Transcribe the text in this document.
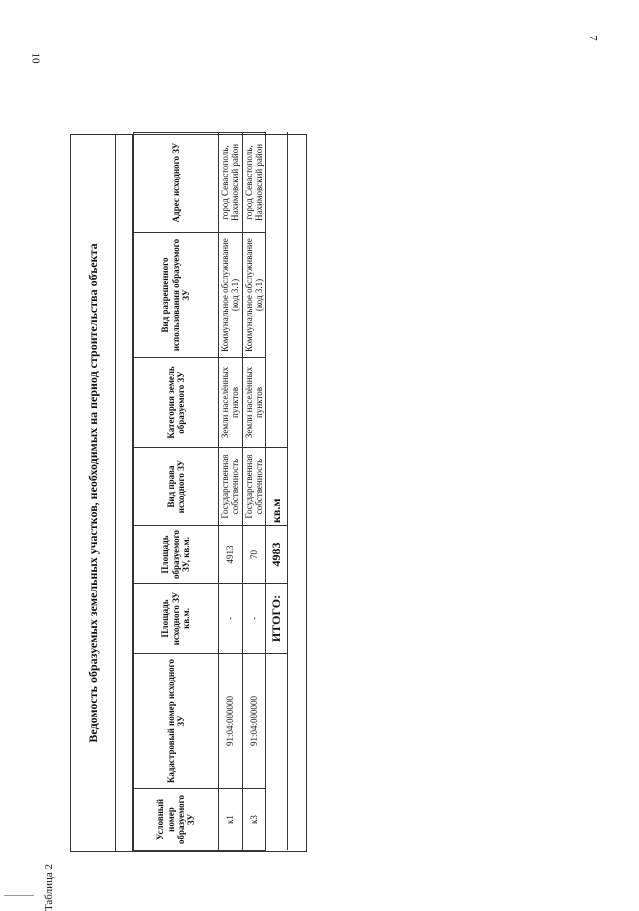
10
7
Таблица 2
Ведомость образуемых земельных участков, необходимых на период строительства объекта
Условный номер образуемого ЗУ	Кадастровый номер исходного ЗУ	Площадь исходного ЗУ кв.м.	Площадь образуемого ЗУ, кв.м.	Вид права исходного ЗУ	Категория земель образуемого ЗУ	Вид разрешенного использования образуемого ЗУ	Адрес исходного ЗУ
к1	91:04:000000	-	4913	Государственная собственность	Земли населённых пунктов	Коммунальное обслуживание (код 3.1)	город Севастополь, Нахимовский район
к3	91:04:000000	-	70	Государственная собственность	Земли населённых пунктов	Коммунальное обслуживание (код 3.1)	город Севастополь, Нахимовский район
		ИТОГО:	4983	кв.м			
